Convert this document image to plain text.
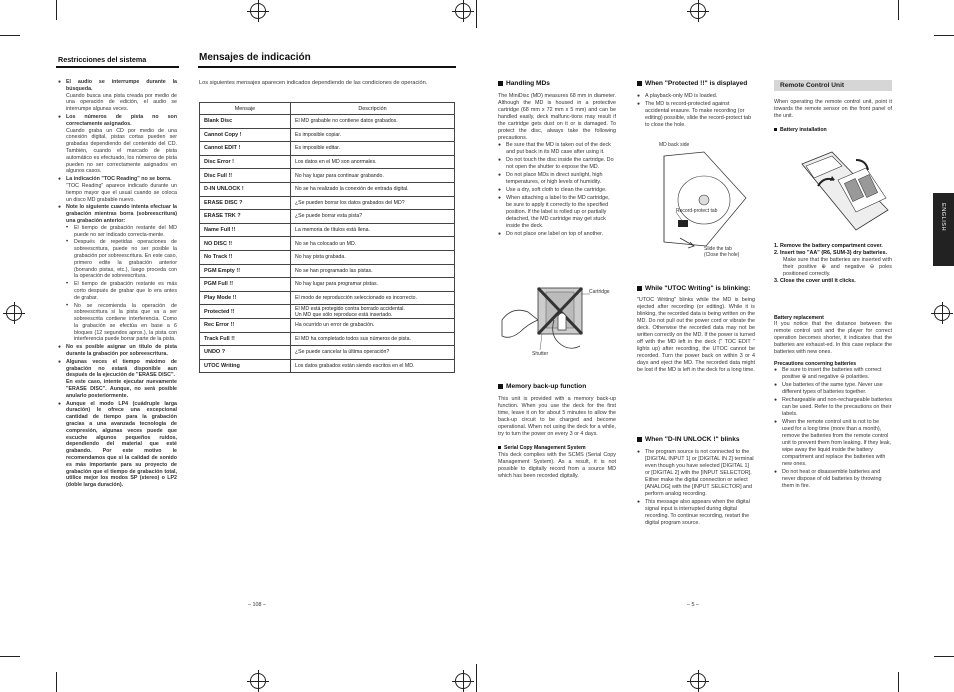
Restricciones del sistema	Mensajes de indicación
Los siguientes mensajes aparecen indicados dependiendo de las condiciones de operación.
● El audio se interrumpe durante la búsqueda.
Cuando busca una pista creada por medio de una operación de edición, el audio se interrumpe algunas veces.
● Los números de pista no son correctamente asignados.
Cuando graba un CD por medio de una conexión digital, pistas cortas pueden ser grabadas dependiendo del contenido del CD. También, cuando el marcado de pista automático es efectuado, los números de pista pueden no ser correctamente asignados en algunos casos.
● La indicación "TOC Reading" no se borra.
"TOC Reading" aparece indicado durante un tiempo mayor que el usual cuando se coloca un disco MD grabable nuevo.
● Note lo siguiente cuando intenta efectuar la grabación mientras borra (sobreescritura) una grabación anterior:
• El tiempo de grabación restante del MD puede no ser indicado correcta-mente.
• Después de repetidas operaciones de sobreescritura, puede no ser posible la grabación por sobreescritura. En este caso, primero edite la grabación anterior (borrando pistas, etc.), luego proceda con la operación de sobreescritura.
• El tiempo de grabación restante es más corto después de grabar que lo era antes de grabar.
• No se recomienda la operación de sobreescritura si la pista que va a ser sobreescrita contiene interferencia. Como la grabación se efectúa en base a 6 bloques (12 segundos aprox.), la pista con interferencia puede borrar parte de la pista.
● No es posible asignar un título de pista durante la grabación por sobreescritura.
● Algunas veces el tiempo máximo de grabación no estará disponible aun después de la ejecución de "ERASE DISC".
En este caso, intente ejecutar nuevamente "ERASE DISC". Aunque, no será posible anularlo posteriormente.
● Aunque el modo LP4 (cuádruple larga duración) le ofrece una excepcional cantidad de tiempo para la grabación gracias a una avanzada tecnología de compresión, algunas veces puede que escuche algunos pequeños ruidos, dependiendo del material que esté grabando. Por este motivo le recomendamos que si la calidad de sonido es más importante para su proyecto de grabación que el tiempo de grabación total, utilice mejor los modos SP (stereo) o LP2 (doble larga duración).
Mensaje	Descripción
Blank Disc	El MD grabable no contiene datos grabados.
Cannot Copy !	Es imposible copiar.
Cannot EDIT !	Es imposible editar.
Disc Error !	Los datos en el MD son anormales.
Disc Full !!	No hay lugar para continuar grabando.
D-IN UNLOCK !	No se ha realizado la conexión de entrada digital.
ERASE DISC ?	¿Se pueden borrar los datos grabados del MD?
ERASE TRK ?	¿Se puede borrar esta pista?
Name Full !!	La memoria de títulos está llena.
NO DISC !!	No se ha colocado un MD.
No Track !!	No hay pista grabada.
PGM Empty !!	No se han programado las pistas.
PGM Full !!	No hay lugar para programar pistas.
Play Mode !!	El modo de reproducción seleccionado es incorrecto.
Protected !!	El MD está protegido contra borrado accidental.
Un MD que sólo reproduce está insertado.
Rec Error !!	Ha ocurrido un error de grabación.
Track Full !!	El MD ha completado todos sus números de pista.
UNDO ?	¿Se puede cancelar la última operación?
UTOC Writing	Los datos grabados están siendo escritos en el MD.
– 108 –
Handling MDs
The MiniDisc (MD) measures 68 mm in diameter. Although the MD is housed in a protective cartridge (68 mm x 72 mm x 5 mm) and can be handled easily, deck malfunc-tions may result if the cartridge gets dust on it or is damaged. To protect the disc, always take the following precautions.
● Be sure that the MD is taken out of the deck and put back in its MD case after using it.
● Do not touch the disc inside the cartridge. Do not open the shutter to expose the MD.
● Do not place MDs in direct sunlight, high temperatures, or high levels of humidity.
● Use a dry, soft cloth to clean the cartridge.
● When attaching a label to the MD cartridge, be sure to apply it correctly to the specified position. If the label is rolled up or partially detached, the MD cartridge may get stuck inside the deck.
● Do not place one label on top of another.
Cartridge
Shutter
Memory back-up function
This unit is provided with a memory back-up function. When you use the deck for the first time, leave it on for about 5 minutes to allow the back-up circuit to be charged and become operational. When not using the deck for a while, try to turn the power on every 3 or 4 days.
Serial Copy Management System
This deck complies with the SCMS (Serial Copy Management System). As a result, it is not possible to digitally record from a source MD which has been recorded digitally.
When "Protected !!" is displayed
● A playback-only MD is loaded.
● The MD is record-protected against accidental erasure. To make recording (or editing) possible, slide the record-protect tab to close the hole.
MD back side
Record-protect tab
Slide the tab
(Close the hole)
While "UTOC Writing" is blinking:
"UTOC Writing" blinks while the MD is being ejected after recording (or editing). While it is blinking, the recorded data is being written on the MD. Do not pull out the power cord or vibrate the deck. Otherwise the recorded data may not be written correctly on the MD. If the power is turned off with the MD left in the deck (" TOC EDIT " lights up) after recording, the UTOC cannot be recorded. Turn the power back on within 3 or 4 days and eject the MD. The recorded data might be lost if the MD is left in the deck for a long time.
When "D-IN UNLOCK !" blinks
● The program source is not connected to the [DIGITAL INPUT 1] or [DIGITAL IN 2] terminal even though you have selected [DIGITAL 1] or [DIGITAL 2] with the [INPUT SELECTOR]. Either make the digital connection or select [ANALOG] with the [INPUT SELECTOR] and perform analog recording.
● This message also appears when the digital signal input is interrupted during digital recording. To continue recording, restart the digital program source.
Remote Control Unit
When operating the remote control unit, point it towards the remote sensor on the front panel of the unit.
Battery installation
1. Remove the battery compartment cover.
2. Insert two "AA" (R6, SUM-3) dry batteries.
Make sure that the batteries are inserted with their positive ⊕ and negative ⊖ poles positioned correctly.
3. Close the cover until it clicks.
Battery replacement
If you notice that the distance between the remote control unit and the player for correct operation becomes shorter, it indicates that the batteries are exhaust-ed. In this case replace the batteries with new ones.
Precautions concerning batteries
● Be sure to insert the batteries with correct positive ⊕ and negative ⊖ polarities.
● Use batteries of the same type. Never use different types of batteries together.
● Rechargeable and non-rechargeable batteries can be used. Refer to the precautions on their labels.
● When the remote control unit is not to be used for a long time (more than a month), remove the batteries from the remote control unit to prevent them from leaking. If they leak, wipe away the liquid inside the battery compartment and replace the batteries with new ones.
● Do not heat or disassemble batteries and never dispose of old batteries by throwing them in fire.
ENGLISH
– 5 –
